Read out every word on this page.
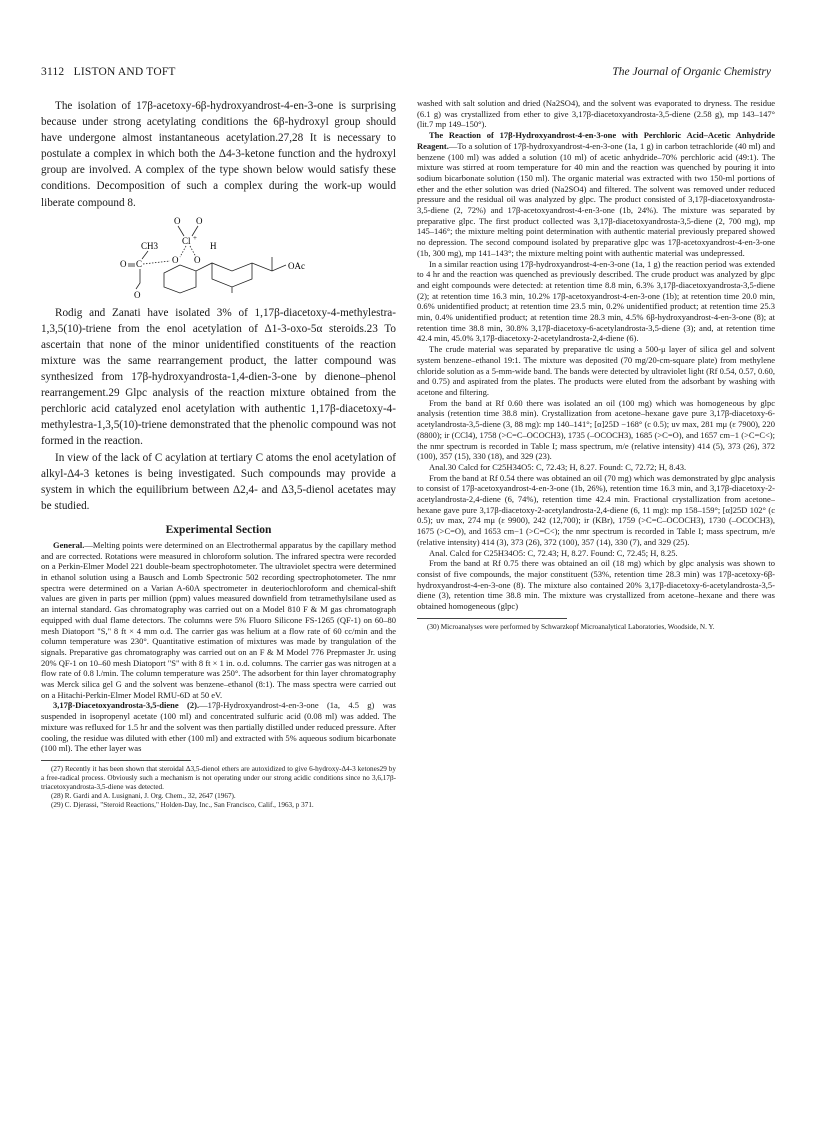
3112 LISTON AND TOFT	The Journal of Organic Chemistry

The isolation of 17β-acetoxy-6β-hydroxyandrost-4-en-3-one is surprising because under strong acetylating conditions the 6β-hydroxyl group should have undergone almost instantaneous acetylation.27,28 It is necessary to postulate a complex in which both the Δ4-3-ketone function and the hydroxyl group are involved. A complex of the type shown below would satisfy these conditions. Decomposition of such a complex during the work-up would liberate compound 8.

O O
Cl +
CH3	H
O O
O C	OAc
O

Rodig and Zanati have isolated 3% of 1,17β-diacetoxy-4-methylestra-1,3,5(10)-triene from the enol acetylation of Δ1-3-oxo-5α steroids.23 To ascertain that none of the minor unidentified constituents of the reaction mixture was the same rearrangement product, the latter compound was synthesized from 17β-hydroxyandrosta-1,4-dien-3-one by dienone–phenol rearrangement.29 Glpc analysis of the reaction mixture obtained from the perchloric acid catalyzed enol acetylation with authentic 1,17β-diacetoxy-4-methylestra-1,3,5(10)-triene demonstrated that the phenolic compound was not formed in the reaction.

In view of the lack of C acylation at tertiary C atoms the enol acetylation of alkyl-Δ4-3 ketones is being investigated. Such compounds may provide a system in which the equilibrium between Δ2,4- and Δ3,5-dienol acetates may be studied.

Experimental Section

General.—Melting points were determined on an Electrothermal apparatus by the capillary method and are corrected. Rotations were measured in chloroform solution. The infrared spectra were recorded on a Perkin-Elmer Model 221 double-beam spectrophotometer. The ultraviolet spectra were determined in ethanol solution using a Bausch and Lomb Spectronic 502 recording spectrophotometer. The nmr spectra were determined on a Varian A-60A spectrometer in deuteriochloroform and chemical-shift values are given in parts per million (ppm) values measured downfield from tetramethylsilane used as an internal standard. Gas chromatography was carried out on a Model 810 F & M gas chromatograph equipped with dual flame detectors. The columns were 5% Fluoro Silicone FS-1265 (QF-1) on 60–80 mesh Diatoport "S," 8 ft × 4 mm o.d. The carrier gas was helium at a flow rate of 60 cc/min and the column temperature was 230°. Quantitative estimation of mixtures was made by trangulation of the signals. Preparative gas chromatography was carried out on an F & M Model 776 Prepmaster Jr. using 20% QF-1 on 10–60 mesh Diatoport "S" with 8 ft × 1 in. o.d. columns. The carrier gas was nitrogen at a flow rate of 0.8 l./min. The column temperature was 250°. The adsorbent for thin layer chromatography was Merck silica gel G and the solvent was benzene–ethanol (8:1). The mass spectra were carried out on a Hitachi-Perkin-Elmer Model RMU-6D at 50 eV.

3,17β-Diacetoxyandrosta-3,5-diene (2).—17β-Hydroxyandrost-4-en-3-one (1a, 4.5 g) was suspended in isopropenyl acetate (100 ml) and concentrated sulfuric acid (0.08 ml) was added. The mixture was refluxed for 1.5 hr and the solvent was then partially distilled under reduced pressure. After cooling, the residue was diluted with ether (100 ml) and extracted with 5% aqueous sodium bicarbonate (100 ml). The ether layer was

(27) Recently it has been shown that steroidal Δ3,5-dienol ethers are autoxidized to give 6-hydroxy-Δ4-3 ketones29 by a free-radical process. Obviously such a mechanism is not operating under our strong acidic conditions since no 3,6,17β-triacetoxyandrosta-3,5-diene was detected.

(28) R. Gardi and A. Lusignani, J. Org. Chem., 32, 2647 (1967).

(29) C. Djerassi, "Steroid Reactions," Holden-Day, Inc., San Francisco, Calif., 1963, p 371.

washed with salt solution and dried (Na2SO4), and the solvent was evaporated to dryness. The residue (6.1 g) was crystallized from ether to give 3,17β-diacetoxyandrosta-3,5-diene (2.58 g), mp 143–147° (lit.7 mp 149–150°).

The Reaction of 17β-Hydroxyandrost-4-en-3-one with Perchloric Acid–Acetic Anhydride Reagent.—To a solution of 17β-hydroxyandrost-4-en-3-one (1a, 1 g) in carbon tetrachloride (40 ml) and benzene (100 ml) was added a solution (10 ml) of acetic anhydride–70% perchloric acid (49:1). The mixture was stirred at room temperature for 40 min and the reaction was quenched by pouring it into sodium bicarbonate solution (150 ml). The organic material was extracted with two 150-ml portions of ether and the ether solution was dried (Na2SO4) and filtered. The solvent was removed under reduced pressure and the residual oil was analyzed by glpc. The product consisted of 3,17β-diacetoxyandrosta-3,5-diene (2, 72%) and 17β-acetoxyandrost-4-en-3-one (1b, 24%). The mixture was separated by preparative glpc. The first product collected was 3,17β-diacetoxyandrosta-3,5-diene (2, 700 mg), mp 145–146°; the mixture melting point determination with authentic material previously prepared showed no depression. The second compound isolated by preparative glpc was 17β-acetoxyandrost-4-en-3-one (1b, 300 mg), mp 141–143°; the mixture melting point with authentic material was undepressed.

In a similar reaction using 17β-hydroxyandrost-4-en-3-one (1a, 1 g) the reaction period was extended to 4 hr and the reaction was quenched as previously described. The crude product was analyzed by glpc and eight compounds were detected: at retention time 8.8 min, 6.3% 3,17β-diacetoxyandrosta-3,5-diene (2); at retention time 16.3 min, 10.2% 17β-acetoxyandrost-4-en-3-one (1b); at retention time 20.0 min, 0.6% unidentified product; at retention time 23.5 min, 0.2% unidentified product; at retention time 25.3 min, 0.4% unidentified product; at retention time 28.3 min, 4.5% 6β-hydroxyandrost-4-en-3-one (8); at retention time 38.8 min, 30.8% 3,17β-diacetoxy-6-acetylandrosta-3,5-diene (3); and, at retention time 42.4 min, 45.0% 3,17β-diacetoxy-2-acetylandrosta-2,4-diene (6).

The crude material was separated by preparative tlc using a 500-μ layer of silica gel and solvent system benzene–ethanol 19:1. The mixture was deposited (70 mg/20-cm-square plate) from methylene chloride solution as a 5-mm-wide band. The bands were detected by ultraviolet light (Rf 0.54, 0.57, 0.60, and 0.75) and aspirated from the plates. The products were eluted from the adsorbant by washing with acetone and filtering.

From the band at Rf 0.60 there was isolated an oil (100 mg) which was homogeneous by glpc analysis (retention time 38.8 min). Crystallization from acetone–hexane gave pure 3,17β-diacetoxy-6-acetylandrosta-3,5-diene (3, 88 mg): mp 140–141°; [α]25D −168° (c 0.5); uv max, 281 mμ (ε 7900), 220 (8800); ir (CCl4), 1758 (>C=C–OCOCH3), 1735 (–OCOCH3), 1685 (>C=O), and 1657 cm−1 (>C=C<); the nmr spectrum is recorded in Table I; mass spectrum, m/e (relative intensity) 414 (5), 373 (26), 372 (100), 357 (15), 330 (18), and 329 (23).

Anal.30 Calcd for C25H34O5: C, 72.43; H, 8.27. Found: C, 72.72; H, 8.43.

From the band at Rf 0.54 there was obtained an oil (70 mg) which was demonstrated by glpc analysis to consist of 17β-acetoxyandrost-4-en-3-one (1b, 26%), retention time 16.3 min, and 3,17β-diacetoxy-2-acetylandrosta-2,4-diene (6, 74%), retention time 42.4 min. Fractional crystallization from acetone–hexane gave pure 3,17β-diacetoxy-2-acetylandrosta-2,4-diene (6, 11 mg): mp 158–159°; [α]25D 102° (c 0.5); uv max, 274 mμ (ε 9900), 242 (12,700); ir (KBr), 1759 (>C=C–OCOCH3), 1730 (–OCOCH3), 1675 (>C=O), and 1653 cm−1 (>C=C<); the nmr spectrum is recorded in Table I; mass spectrum, m/e (relative intensity) 414 (3), 373 (26), 372 (100), 357 (14), 330 (7), and 329 (25).

Anal. Calcd for C25H34O5: C, 72.43; H, 8.27. Found: C, 72.45; H, 8.25.

From the band at Rf 0.75 there was obtained an oil (18 mg) which by glpc analysis was shown to consist of five compounds, the major constituent (53%, retention time 28.3 min) was 17β-acetoxy-6β-hydroxyandrost-4-en-3-one (8). The mixture also contained 20% 3,17β-diacetoxy-6-acetylandrosta-3,5-diene (3), retention time 38.8 min. The mixture was crystallized from acetone–hexane and there was obtained homogeneous (glpc)

(30) Microanalyses were performed by Schwarzkopf Microanalytical Laboratories, Woodside, N. Y.
